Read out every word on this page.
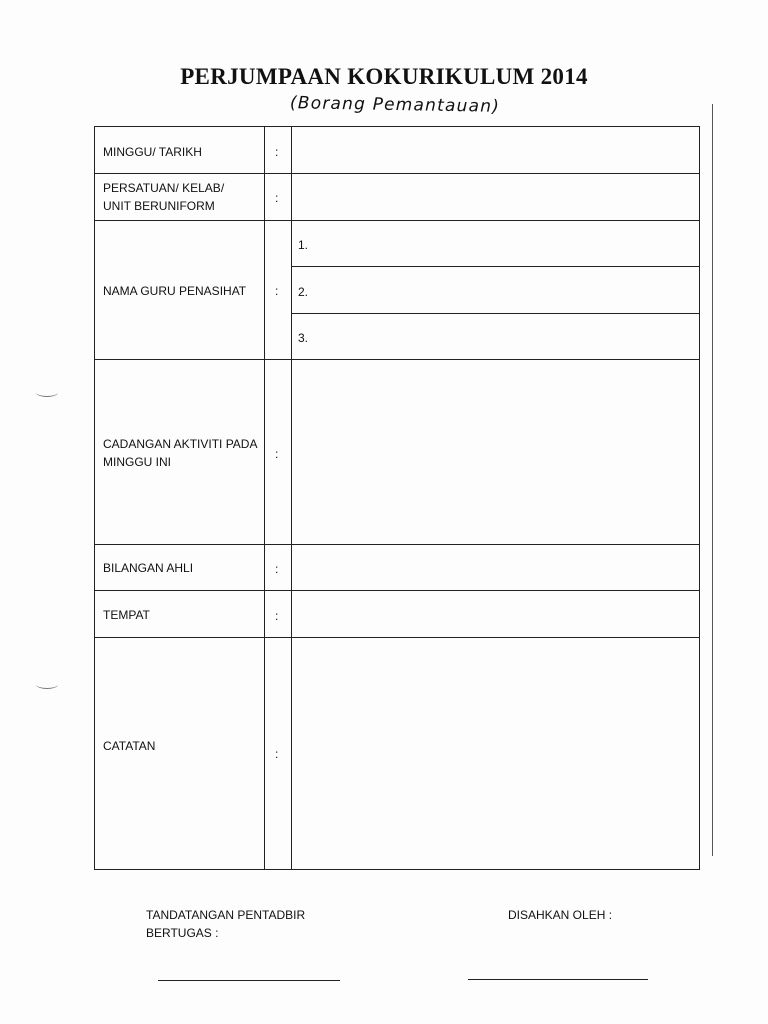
PERJUMPAAN KOKURIKULUM 2014
(Borang Pemantauan)
MINGGU/ TARIKH	:
PERSATUAN/ KELAB/
UNIT BERUNIFORM
:
NAMA GURU PENASIHAT :
1.
2.
3.
CADANGAN AKTIVITI PADA
MINGGU INI
:
BILANGAN AHLI	:
TEMPAT	:
CATATAN
:
TANDATANGAN PENTADBIR
BERTUGAS :
DISAHKAN OLEH :
